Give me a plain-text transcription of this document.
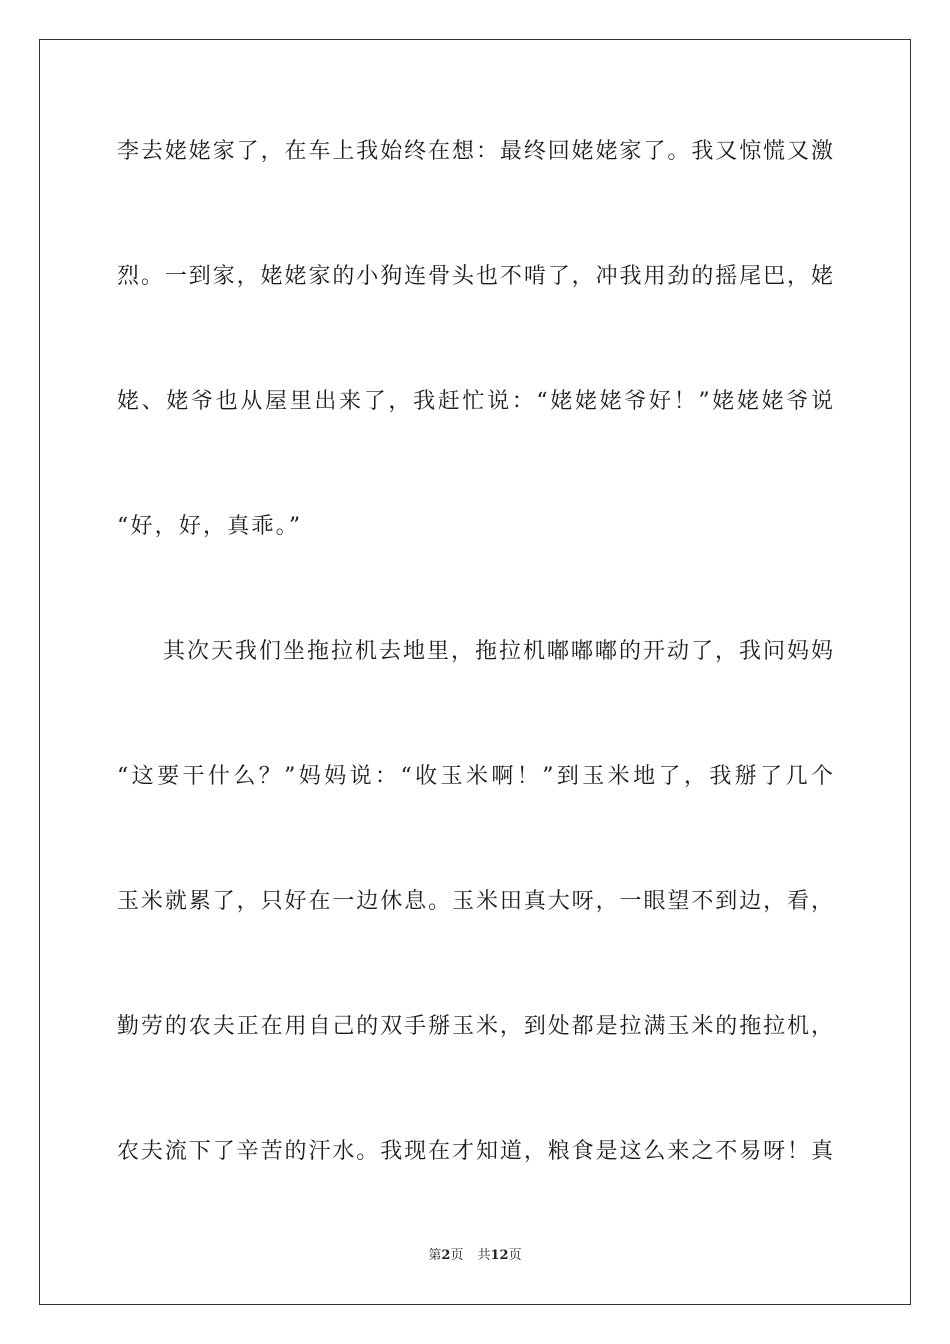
李去姥姥家了，在车上我始终在想：最终回姥姥家了。我又惊慌又激
烈。一到家，姥姥家的小狗连骨头也不啃了，冲我用劲的摇尾巴，姥
姥、姥爷也从屋里出来了，我赶忙说：“姥姥姥爷好！”姥姥姥爷说
“好，好，真乖。”
其次天我们坐拖拉机去地里，拖拉机嘟嘟嘟的开动了，我问妈妈
“这要干什么？”妈妈说：“收玉米啊！”到玉米地了，我掰了几个
玉米就累了，只好在一边休息。玉米田真大呀，一眼望不到边，看，
勤劳的农夫正在用自己的双手掰玉米，到处都是拉满玉米的拖拉机，
农夫流下了辛苦的汗水。我现在才知道，粮食是这么来之不易呀！真
第2页 共12页
